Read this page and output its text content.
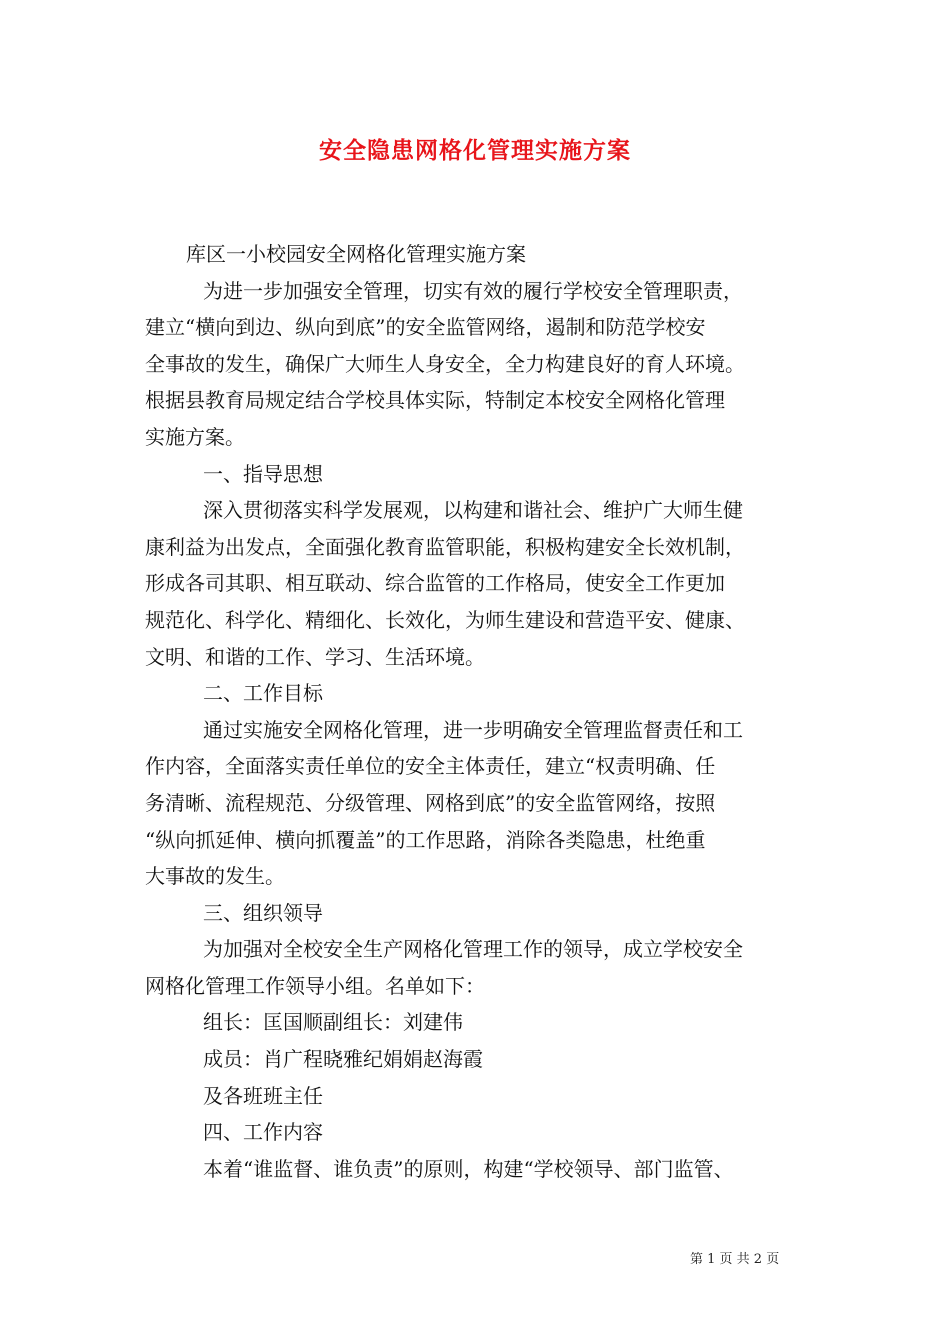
安全隐患网格化管理实施方案
库区一小校园安全网格化管理实施方案
为进一步加强安全管理，切实有效的履行学校安全管理职责，
建立“横向到边、纵向到底”的安全监管网络，遏制和防范学校安
全事故的发生，确保广大师生人身安全，全力构建良好的育人环境。
根据县教育局规定结合学校具体实际，特制定本校安全网格化管理
实施方案。
一、指导思想
深入贯彻落实科学发展观，以构建和谐社会、维护广大师生健
康利益为出发点，全面强化教育监管职能，积极构建安全长效机制，
形成各司其职、相互联动、综合监管的工作格局，使安全工作更加
规范化、科学化、精细化、长效化，为师生建设和营造平安、健康、
文明、和谐的工作、学习、生活环境。
二、工作目标
通过实施安全网格化管理，进一步明确安全管理监督责任和工
作内容，全面落实责任单位的安全主体责任，建立“权责明确、任
务清晰、流程规范、分级管理、网格到底”的安全监管网络，按照
“纵向抓延伸、横向抓覆盖”的工作思路，消除各类隐患，杜绝重
大事故的发生。
三、组织领导
为加强对全校安全生产网格化管理工作的领导，成立学校安全
网格化管理工作领导小组。名单如下：
组长：匡国顺副组长：刘建伟
成员：肖广程晓雅纪娟娟赵海霞
及各班班主任
四、工作内容
本着“谁监督、谁负责”的原则，构建“学校领导、部门监管、
第 1 页 共 2 页
